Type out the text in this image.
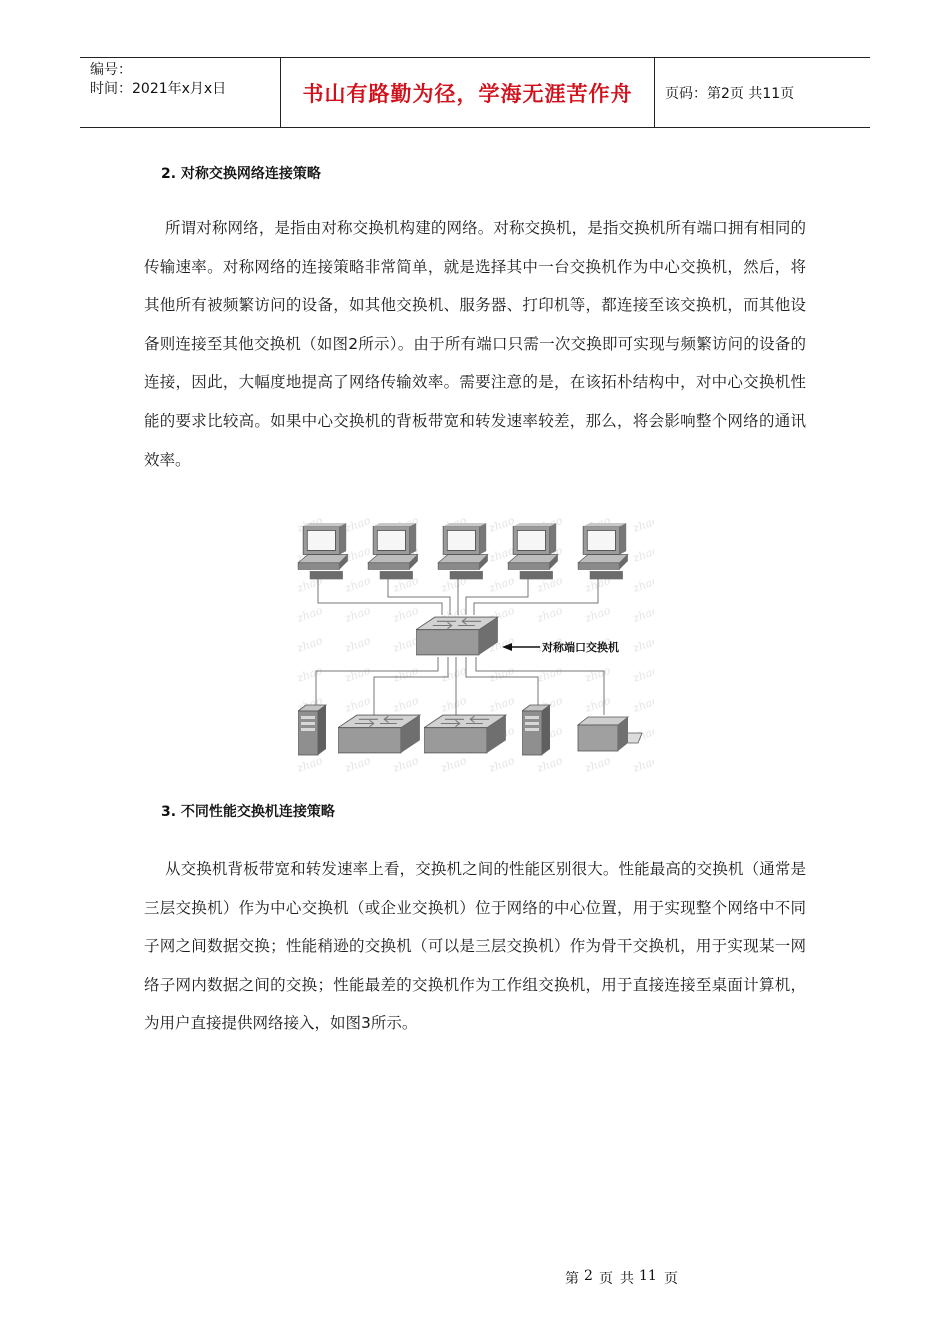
编号：
时间：2021年x月x日	书山有路勤为径，学海无涯苦作舟	页码：第2页 共11页
2. 对称交换网络连接策略

所谓对称网络，是指由对称交换机构建的网络。对称交换机，是指交换机所有端口拥有相同的传输速率。对称网络的连接策略非常简单，就是选择其中一台交换机作为中心交换机，然后，将其他所有被频繁访问的设备，如其他交换机、服务器、打印机等，都连接至该交换机，而其他设备则连接至其他交换机（如图2所示）。由于所有端口只需一次交换即可实现与频繁访问的设备的连接，因此，大幅度地提高了网络传输效率。需要注意的是，在该拓朴结构中，对中心交换机性能的要求比较高。如果中心交换机的背板带宽和转发速率较差，那么，将会影响整个网络的通讯效率。

对称端口交换机
3. 不同性能交换机连接策略

从交换机背板带宽和转发速率上看，交换机之间的性能区别很大。性能最高的交换机（通常是三层交换机）作为中心交换机（或企业交换机）位于网络的中心位置，用于实现整个网络中不同子网之间数据交换；性能稍逊的交换机（可以是三层交换机）作为骨干交换机，用于实现某一网络子网内数据之间的交换；性能最差的交换机作为工作组交换机，用于直接连接至桌面计算机，为用户直接提供网络接入，如图3所示。

第 2 页 共 11 页
